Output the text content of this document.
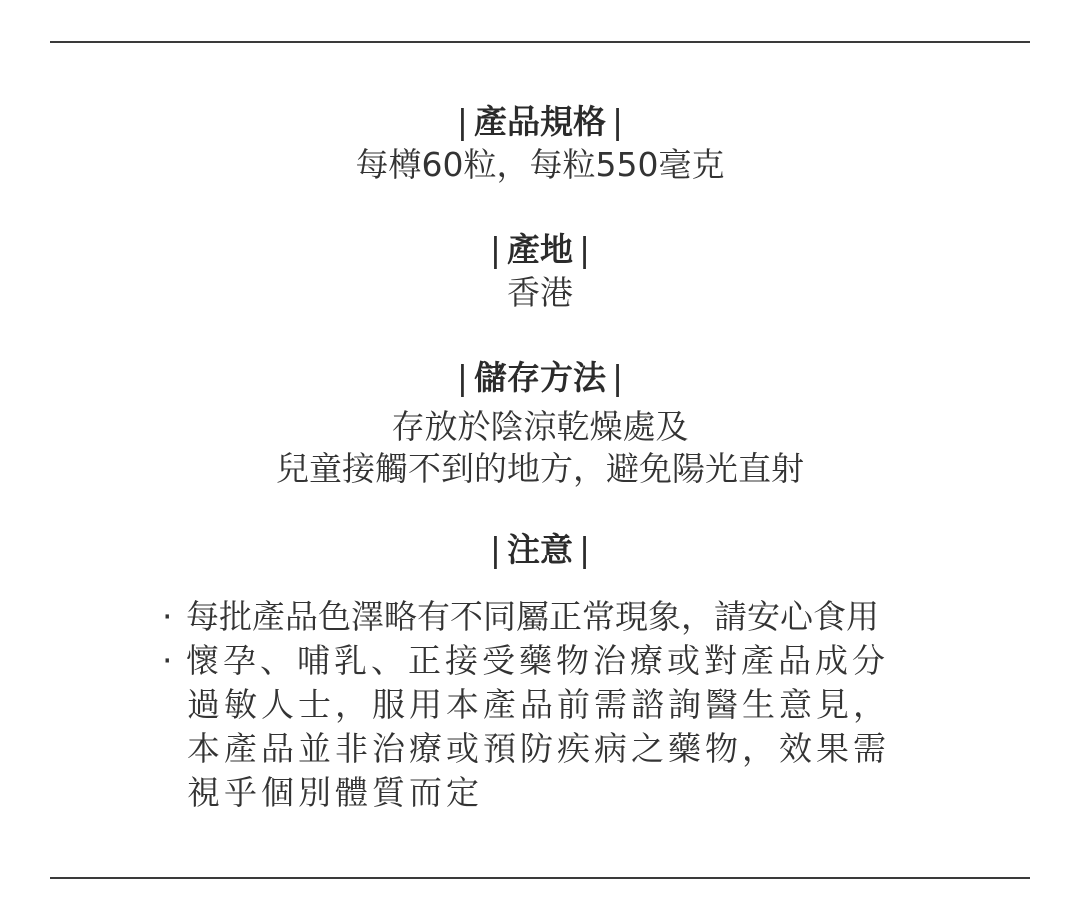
| 產品規格 |
每樽60粒，每粒550毫克
| 產地 |
香港
| 儲存方法 |
存放於陰涼乾燥處及
兒童接觸不到的地方，避免陽光直射
| 注意 |
· 每批產品色澤略有不同屬正常現象，請安心食用
· 懷孕、哺乳、正接受藥物治療或對產品成分
過敏人士，服用本產品前需諮詢醫生意見，
本產品並非治療或預防疾病之藥物，效果需
視乎個別體質而定
